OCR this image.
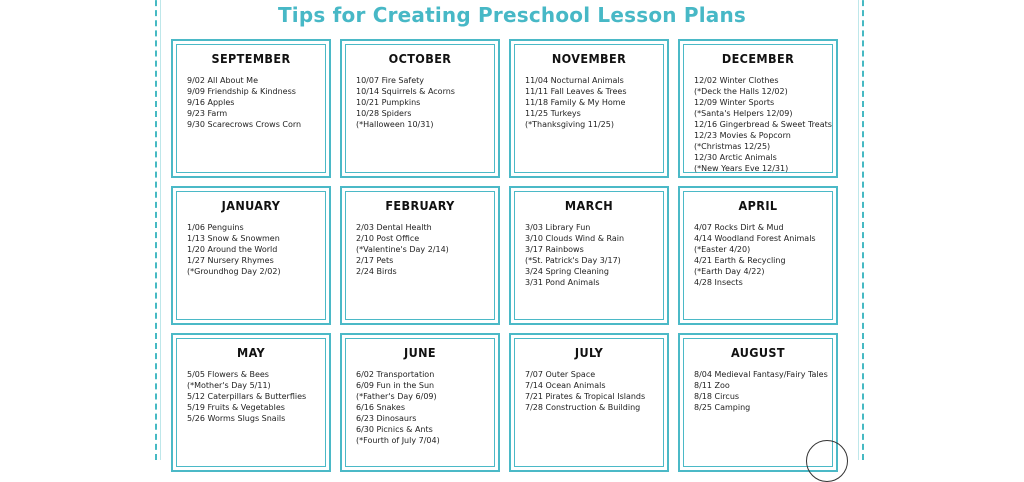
Tips for Creating Preschool Lesson Plans
SEPTEMBER
9/02 All About Me
9/09 Friendship & Kindness
9/16 Apples
9/23 Farm
9/30 Scarecrows Crows Corn
OCTOBER
10/07 Fire Safety
10/14 Squirrels & Acorns
10/21 Pumpkins
10/28 Spiders
(*Halloween 10/31)
NOVEMBER
11/04 Nocturnal Animals
11/11 Fall Leaves & Trees
11/18 Family & My Home
11/25 Turkeys
(*Thanksgiving 11/25)
DECEMBER
12/02 Winter Clothes
(*Deck the Halls 12/02)
12/09 Winter Sports
(*Santa's Helpers 12/09)
12/16 Gingerbread & Sweet Treats
12/23 Movies & Popcorn
(*Christmas 12/25)
12/30 Arctic Animals
(*New Years Eve 12/31)
JANUARY
1/06 Penguins
1/13 Snow & Snowmen
1/20 Around the World
1/27 Nursery Rhymes
(*Groundhog Day 2/02)
FEBRUARY
2/03 Dental Health
2/10 Post Office
(*Valentine's Day 2/14)
2/17 Pets
2/24 Birds
MARCH
3/03 Library Fun
3/10 Clouds Wind & Rain
3/17 Rainbows
(*St. Patrick's Day 3/17)
3/24 Spring Cleaning
3/31 Pond Animals
APRIL
4/07 Rocks Dirt & Mud
4/14 Woodland Forest Animals
(*Easter 4/20)
4/21 Earth & Recycling
(*Earth Day 4/22)
4/28 Insects
MAY
5/05 Flowers & Bees
(*Mother's Day 5/11)
5/12 Caterpillars & Butterflies
5/19 Fruits & Vegetables
5/26 Worms Slugs Snails
JUNE
6/02 Transportation
6/09 Fun in the Sun
(*Father's Day 6/09)
6/16 Snakes
6/23 Dinosaurs
6/30 Picnics & Ants
(*Fourth of July 7/04)
JULY
7/07 Outer Space
7/14 Ocean Animals
7/21 Pirates & Tropical Islands
7/28 Construction & Building
AUGUST
8/04 Medieval Fantasy/Fairy Tales
8/11 Zoo
8/18 Circus
8/25 Camping
